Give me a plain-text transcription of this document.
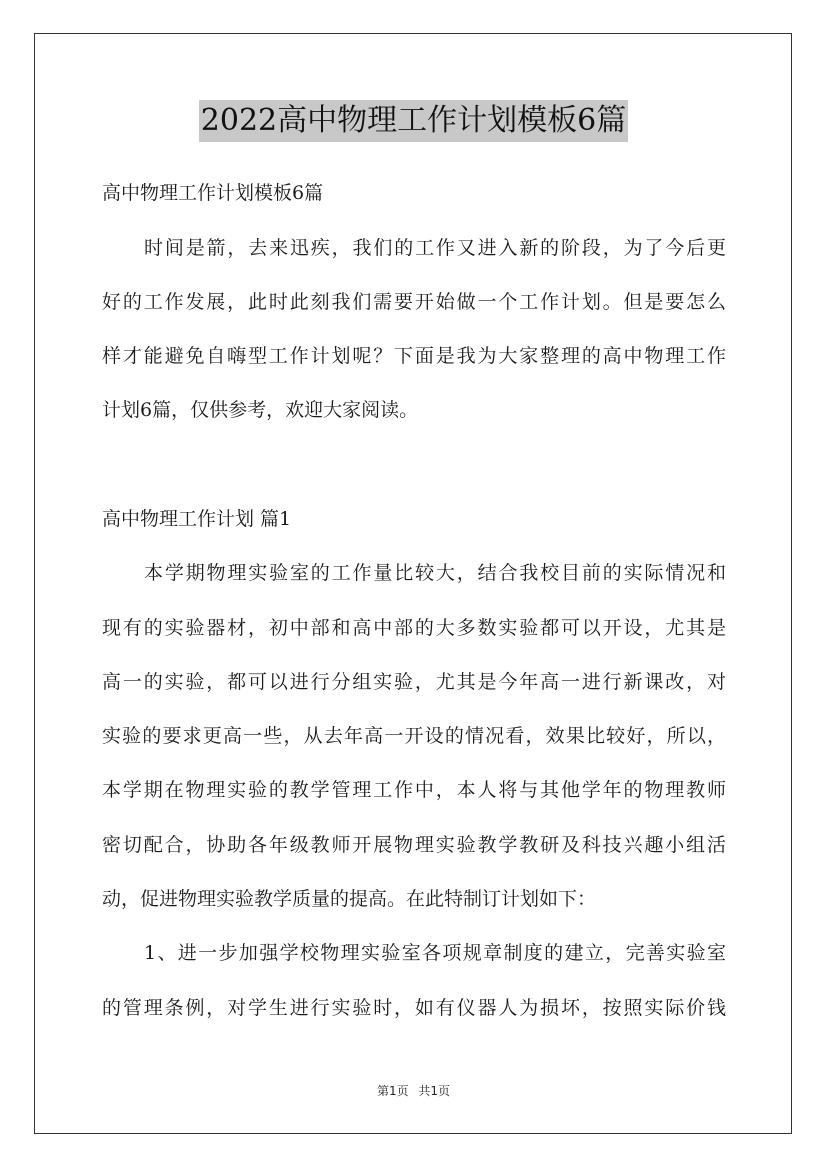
2022高中物理工作计划模板6篇
高中物理工作计划模板6篇
时间是箭，去来迅疾，我们的工作又进入新的阶段，为了今后更
好的工作发展，此时此刻我们需要开始做一个工作计划。但是要怎么
样才能避免自嗨型工作计划呢？下面是我为大家整理的高中物理工作
计划6篇，仅供参考，欢迎大家阅读。
高中物理工作计划 篇1
本学期物理实验室的工作量比较大，结合我校目前的实际情况和
现有的实验器材，初中部和高中部的大多数实验都可以开设，尤其是
高一的实验，都可以进行分组实验，尤其是今年高一进行新课改，对
实验的要求更高一些，从去年高一开设的情况看，效果比较好，所以，
本学期在物理实验的教学管理工作中，本人将与其他学年的物理教师
密切配合，协助各年级教师开展物理实验教学教研及科技兴趣小组活
动，促进物理实验教学质量的提高。在此特制订计划如下：
1、进一步加强学校物理实验室各项规章制度的建立，完善实验室
的管理条例，对学生进行实验时，如有仪器人为损坏，按照实际价钱
第1页 共1页
